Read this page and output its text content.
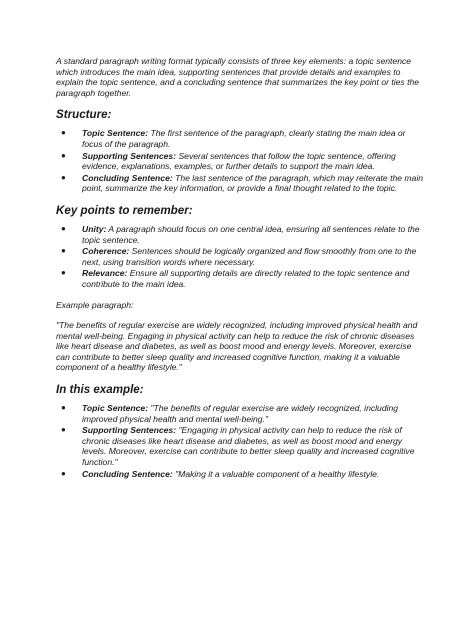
A standard paragraph writing format typically consists of three key elements: a topic sentence which introduces the main idea, supporting sentences that provide details and examples to explain the topic sentence, and a concluding sentence that summarizes the key point or ties the paragraph together.

Structure:
● Topic Sentence: The first sentence of the paragraph, clearly stating the main idea or focus of the paragraph.
● Supporting Sentences: Several sentences that follow the topic sentence, offering evidence, explanations, examples, or further details to support the main idea.
● Concluding Sentence: The last sentence of the paragraph, which may reiterate the main point, summarize the key information, or provide a final thought related to the topic.
Key points to remember:
● Unity: A paragraph should focus on one central idea, ensuring all sentences relate to the topic sentence.
● Coherence: Sentences should be logically organized and flow smoothly from one to the next, using transition words where necessary.
● Relevance: Ensure all supporting details are directly related to the topic sentence and contribute to the main idea.

Example paragraph:

"The benefits of regular exercise are widely recognized, including improved physical health and mental well-being. Engaging in physical activity can help to reduce the risk of chronic diseases like heart disease and diabetes, as well as boost mood and energy levels. Moreover, exercise can contribute to better sleep quality and increased cognitive function, making it a valuable component of a healthy lifestyle."

In this example:
● Topic Sentence: "The benefits of regular exercise are widely recognized, including improved physical health and mental well-being."
● Supporting Sentences: "Engaging in physical activity can help to reduce the risk of chronic diseases like heart disease and diabetes, as well as boost mood and energy levels. Moreover, exercise can contribute to better sleep quality and increased cognitive function."
● Concluding Sentence: "Making it a valuable component of a healthy lifestyle.
